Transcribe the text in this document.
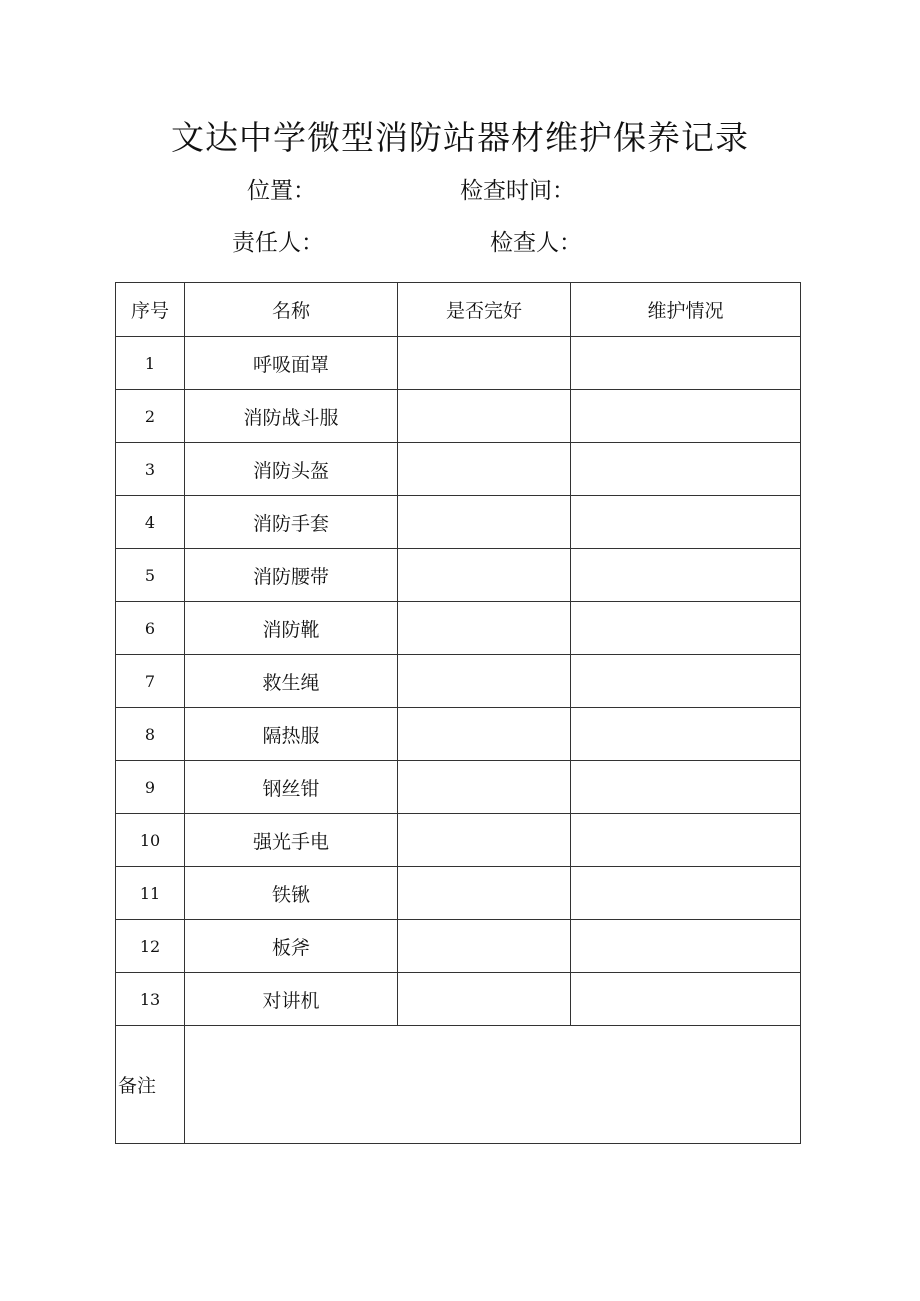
文达中学微型消防站器材维护保养记录
位置：	检查时间：
责任人：	检查人：
序号	名称	是否完好	维护情况
1	呼吸面罩		
2	消防战斗服		
3	消防头盔		
4	消防手套		
5	消防腰带		
6	消防靴		
7	救生绳		
8	隔热服		
9	钢丝钳		
10	强光手电		
11	铁锹		
12	板斧		
13	对讲机		
备注			
